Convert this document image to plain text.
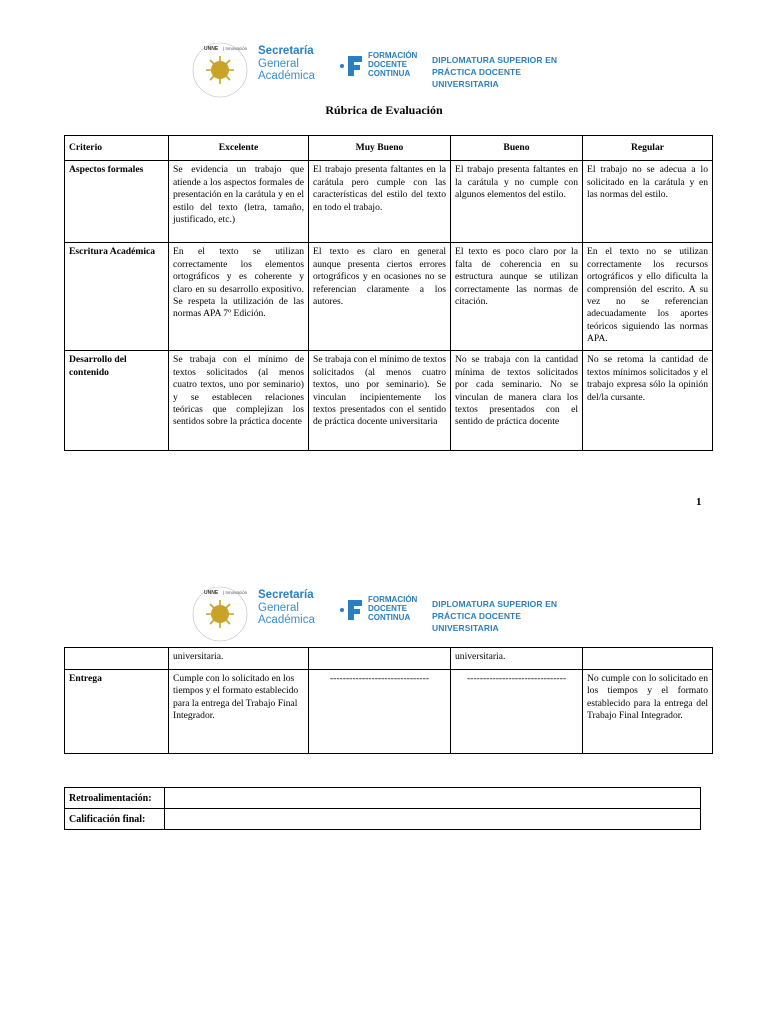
UNNE | Innovación Secretaría
General
Académica
FORMACIÓN
DOCENTE
CONTINUA
DIPLOMATURA SUPERIOR EN
PRÁCTICA DOCENTE UNIVERSITARIA
Rúbrica de Evaluación
Criterio	Excelente	Muy Bueno	Bueno	Regular
Aspectos formales	Se evidencia un trabajo que atiende a los aspectos formales de presentación en la carátula y en el estilo del texto (letra, tamaño, justificado, etc.)	El trabajo presenta faltantes en la carátula pero cumple con las características del estilo del texto en todo el trabajo.	El trabajo presenta faltantes en la carátula y no cumple con algunos elementos del estilo.	El trabajo no se adecua a lo solicitado en la carátula y en las normas del estilo.
Escritura Académica	En el texto se utilizan correctamente los elementos ortográficos y es coherente y claro en su desarrollo expositivo. Se respeta la utilización de las normas APA 7º Edición.	El texto es claro en general aunque presenta ciertos errores ortográficos y en ocasiones no se referencian claramente a los autores.	El texto es poco claro por la falta de coherencia en su estructura aunque se utilizan correctamente las normas de citación.	En el texto no se utilizan correctamente los recursos ortográficos y ello dificulta la comprensión del escrito. A su vez no se referencian adecuadamente los aportes teóricos siguiendo las normas APA.
Desarrollo del contenido	Se trabaja con el mínimo de textos solicitados (al menos cuatro textos, uno por seminario) y se establecen relaciones teóricas que complejizan los sentidos sobre la práctica docente	Se trabaja con el mínimo de textos solicitados (al menos cuatro textos, uno por seminario). Se vinculan incipientemente los textos presentados con el sentido de práctica docente universitaria	No se trabaja con la cantidad mínima de textos solicitados por cada seminario. No se vinculan de manera clara los textos presentados con el sentido de práctica docente	No se retoma la cantidad de textos mínimos solicitados y el trabajo expresa sólo la opinión del/la cursante.
1
UNNE | Innovación Secretaría
General
Académica
FORMACIÓN
DOCENTE
CONTINUA
DIPLOMATURA SUPERIOR EN
PRÁCTICA DOCENTE UNIVERSITARIA
	universitaria.		universitaria.	
Entrega	Cumple con lo solicitado en los tiempos y el formato establecido para la entrega del Trabajo Final Integrador.	-------------------------------	-------------------------------	No cumple con lo solicitado en los tiempos y el formato establecido para la entrega del Trabajo Final Integrador.
Retroalimentación:	
Calificación final:	
